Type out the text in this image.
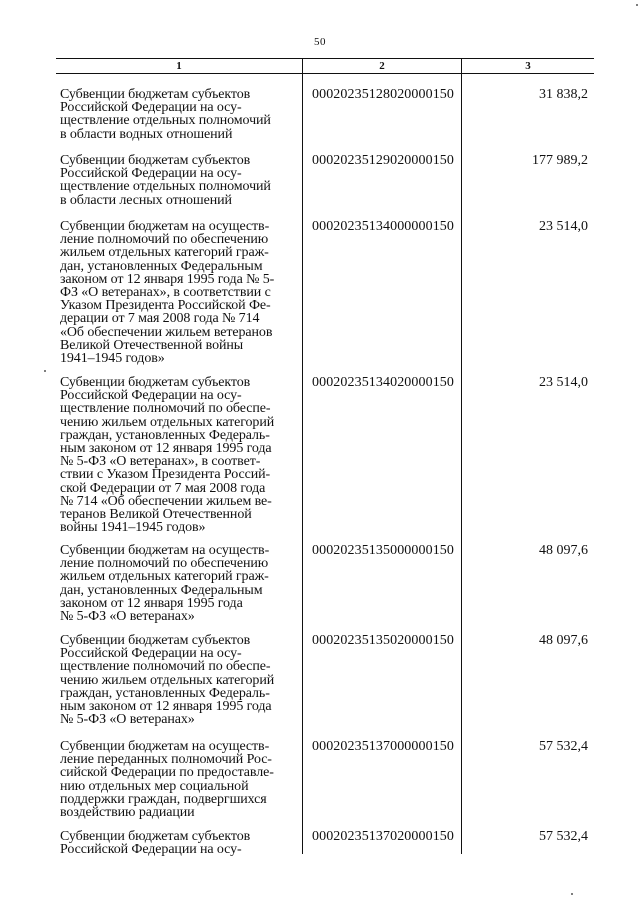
50
1	2	3
Субвенции бюджетам субъектов
Российской Федерации на осу-
ществление отдельных полномочий
в области водных отношений
00020235128020000150	31 838,2
Субвенции бюджетам субъектов
Российской Федерации на осу-
ществление отдельных полномочий
в области лесных отношений
00020235129020000150	177 989,2
Субвенции бюджетам на осуществ-
ление полномочий по обеспечению
жильем отдельных категорий граж-
дан, установленных Федеральным
законом от 12 января 1995 года № 5-
ФЗ «О ветеранах», в соответствии с
Указом Президента Российской Фе-
дерации от 7 мая 2008 года № 714
«Об обеспечении жильем ветеранов
Великой Отечественной войны
1941–1945 годов»
00020235134000000150	23 514,0
Субвенции бюджетам субъектов
Российской Федерации на осу-
ществление полномочий по обеспе-
чению жильем отдельных категорий
граждан, установленных Федераль-
ным законом от 12 января 1995 года
№ 5-ФЗ «О ветеранах», в соответ-
ствии с Указом Президента Россий-
ской Федерации от 7 мая 2008 года
№ 714 «Об обеспечении жильем ве-
теранов Великой Отечественной
войны 1941–1945 годов»
00020235134020000150	23 514,0
Субвенции бюджетам на осуществ-
ление полномочий по обеспечению
жильем отдельных категорий граж-
дан, установленных Федеральным
законом от 12 января 1995 года
№ 5-ФЗ «О ветеранах»
00020235135000000150	48 097,6
Субвенции бюджетам субъектов
Российской Федерации на осу-
ществление полномочий по обеспе-
чению жильем отдельных категорий
граждан, установленных Федераль-
ным законом от 12 января 1995 года
№ 5-ФЗ «О ветеранах»
00020235135020000150	48 097,6
Субвенции бюджетам на осуществ-
ление переданных полномочий Рос-
сийской Федерации по предоставле-
нию отдельных мер социальной
поддержки граждан, подвергшихся
воздействию радиации
00020235137000000150	57 532,4
Субвенции бюджетам субъектов
Российской Федерации на осу-
00020235137020000150	57 532,4
